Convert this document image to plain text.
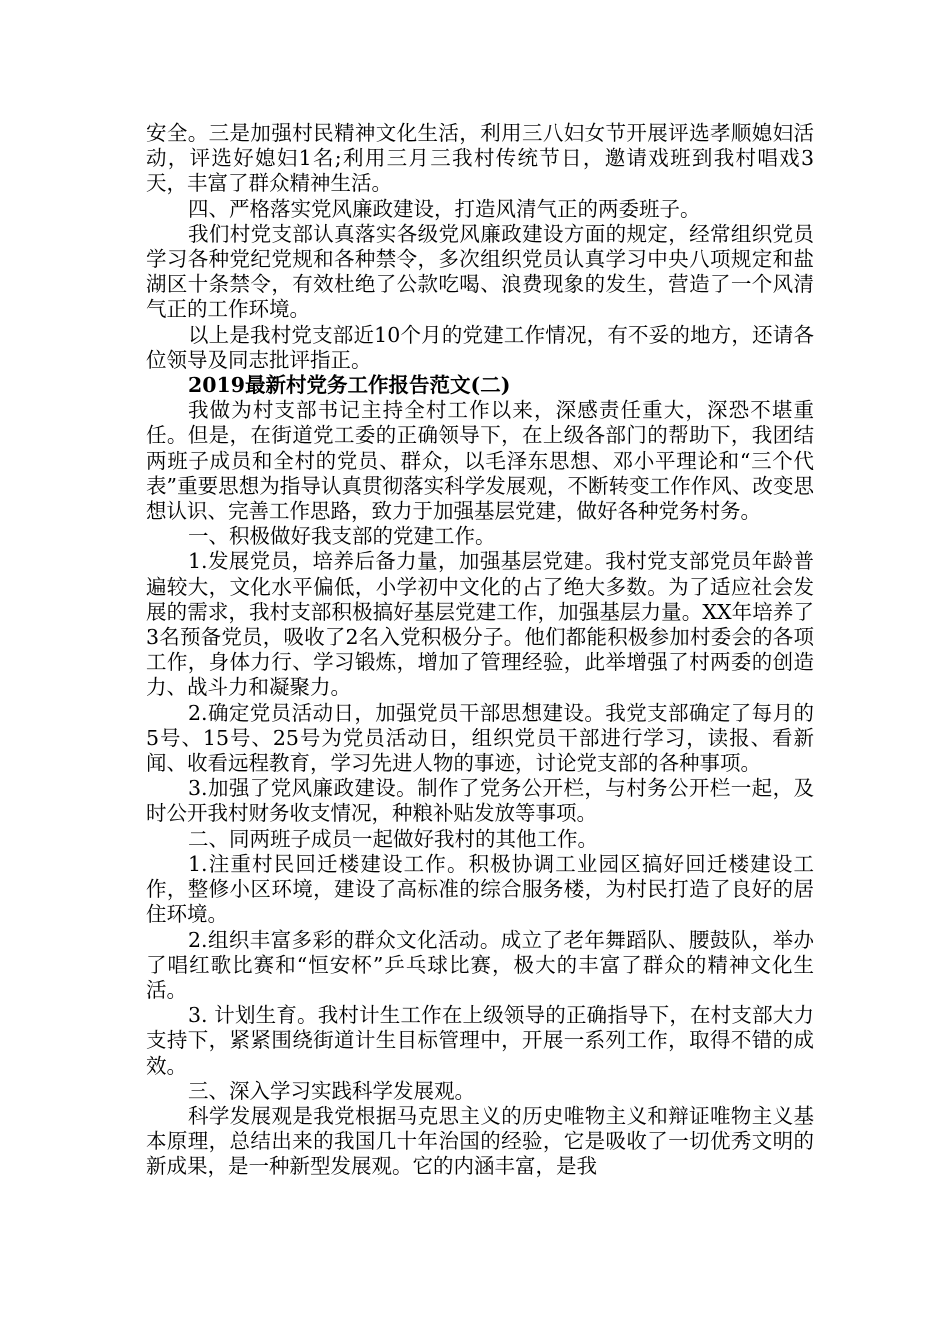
安全。三是加强村民精神文化生活，利用三八妇女节开展评选孝顺媳妇活动，评选好媳妇1名;利用三月三我村传统节日，邀请戏班到我村唱戏3天，丰富了群众精神生活。

四、严格落实党风廉政建设，打造风清气正的两委班子。

我们村党支部认真落实各级党风廉政建设方面的规定，经常组织党员学习各种党纪党规和各种禁令，多次组织党员认真学习中央八项规定和盐湖区十条禁令，有效杜绝了公款吃喝、浪费现象的发生，营造了一个风清气正的工作环境。

以上是我村党支部近10个月的党建工作情况，有不妥的地方，还请各位领导及同志批评指正。

2019最新村党务工作报告范文(二)

我做为村支部书记主持全村工作以来，深感责任重大，深恐不堪重任。但是，在街道党工委的正确领导下，在上级各部门的帮助下，我团结两班子成员和全村的党员、群众，以毛泽东思想、邓小平理论和“三个代表”重要思想为指导认真贯彻落实科学发展观，不断转变工作作风、改变思想认识、完善工作思路，致力于加强基层党建，做好各种党务村务。

一、积极做好我支部的党建工作。

1.发展党员，培养后备力量，加强基层党建。我村党支部党员年龄普遍较大，文化水平偏低，小学初中文化的占了绝大多数。为了适应社会发展的需求，我村支部积极搞好基层党建工作，加强基层力量。XX年培养了3名预备党员，吸收了2名入党积极分子。他们都能积极参加村委会的各项工作，身体力行、学习锻炼，增加了管理经验，此举增强了村两委的创造力、战斗力和凝聚力。

2.确定党员活动日，加强党员干部思想建设。我党支部确定了每月的5号、15号、25号为党员活动日，组织党员干部进行学习，读报、看新闻、收看远程教育，学习先进人物的事迹，讨论党支部的各种事项。

3.加强了党风廉政建设。制作了党务公开栏，与村务公开栏一起，及时公开我村财务收支情况，种粮补贴发放等事项。

二、同两班子成员一起做好我村的其他工作。

1.注重村民回迁楼建设工作。积极协调工业园区搞好回迁楼建设工作，整修小区环境，建设了高标准的综合服务楼，为村民打造了良好的居住环境。

2.组织丰富多彩的群众文化活动。成立了老年舞蹈队、腰鼓队，举办了唱红歌比赛和“恒安杯”乒乓球比赛，极大的丰富了群众的精神文化生活。

3. 计划生育。我村计生工作在上级领导的正确指导下，在村支部大力支持下，紧紧围绕街道计生目标管理中，开展一系列工作，取得不错的成效。

三、深入学习实践科学发展观。

科学发展观是我党根据马克思主义的历史唯物主义和辩证唯物主义基本原理，总结出来的我国几十年治国的经验，它是吸收了一切优秀文明的新成果，是一种新型发展观。它的内涵丰富，是我
